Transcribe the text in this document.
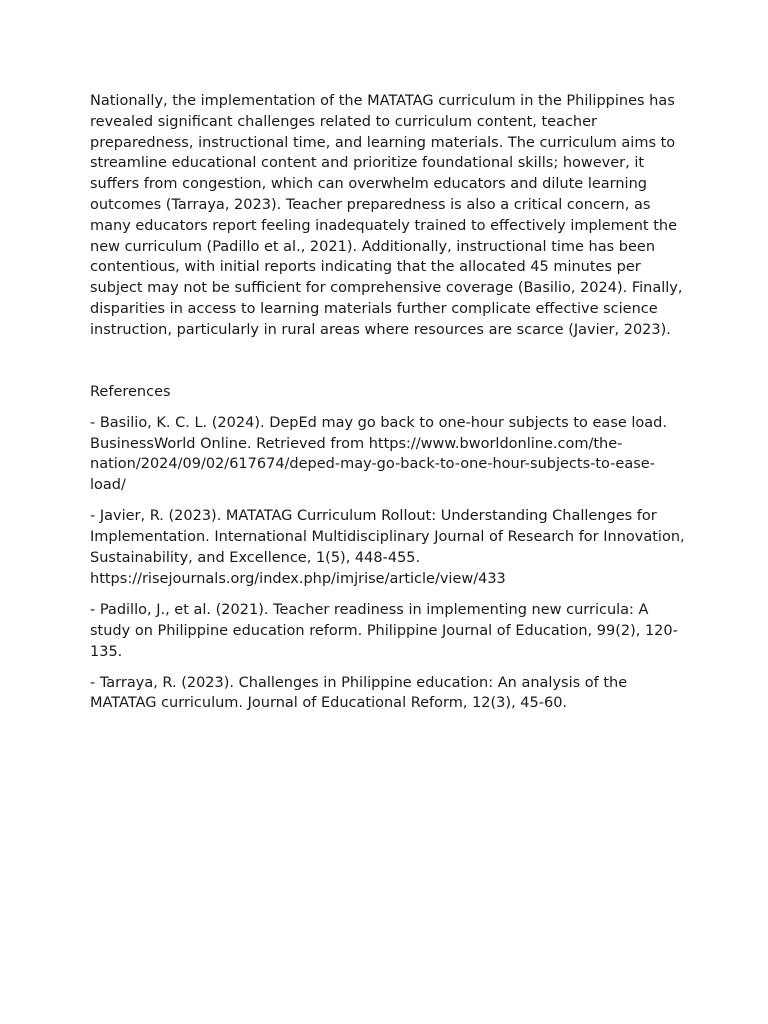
Nationally, the implementation of the MATATAG curriculum in the Philippines has revealed significant challenges related to curriculum content, teacher preparedness, instructional time, and learning materials. The curriculum aims to streamline educational content and prioritize foundational skills; however, it suffers from congestion, which can overwhelm educators and dilute learning outcomes (Tarraya, 2023). Teacher preparedness is also a critical concern, as many educators report feeling inadequately trained to effectively implement the new curriculum (Padillo et al., 2021). Additionally, instructional time has been contentious, with initial reports indicating that the allocated 45 minutes per subject may not be sufficient for comprehensive coverage (Basilio, 2024). Finally, disparities in access to learning materials further complicate effective science instruction, particularly in rural areas where resources are scarce (Javier, 2023).

References

- Basilio, K. C. L. (2024). DepEd may go back to one-hour subjects to ease load. BusinessWorld Online. Retrieved from https://www.bworldonline.com/the-nation/2024/09/02/617674/deped-may-go-back-to-one-hour-subjects-to-ease-load/
- Javier, R. (2023). MATATAG Curriculum Rollout: Understanding Challenges for Implementation. International Multidisciplinary Journal of Research for Innovation, Sustainability, and Excellence, 1(5), 448-455. https://risejournals.org/index.php/imjrise/article/view/433
- Padillo, J., et al. (2021). Teacher readiness in implementing new curricula: A study on Philippine education reform. Philippine Journal of Education, 99(2), 120-135.
- Tarraya, R. (2023). Challenges in Philippine education: An analysis of the MATATAG curriculum. Journal of Educational Reform, 12(3), 45-60.
